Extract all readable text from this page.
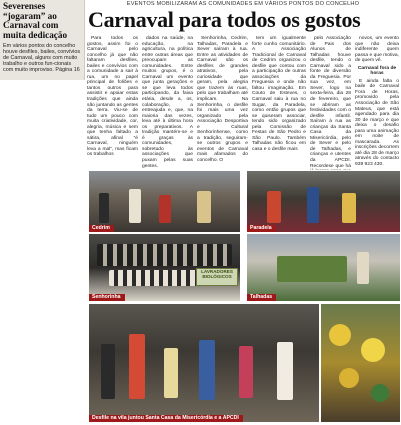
Severenses “jogaram” ao Carnaval com muita dedicação
Em vários pontos do concelho houve desfiles, bailes, convívios de Carnaval, alguns com muito trabalho e outros fun-cionais com muito improviso. Página 16
EVENTOS MOBILIZARAM AS COMUNIDADES EM VÁRIOS PONTOS DO CONCELHO
Carnaval para todos os gostos

Para todos os gostos, assim foi o Carnaval pelo concelho já que não faltaram desfiles, bailes e convívios com a comunidade a sair à rua, um no papel principal de foliões e tantos outros para assistir e apoiar estas tradições que ainda são juntando as gentes da terra. Viu-se de tudo um pouco com muita criatividade, cor, alegria, música e sem que tenha faltado a sátira, afinal “é Carnaval, ninguém leva a mal”, mas ficam os trabalhos

dados na saúde, na educação, na agricultura, na política entre outras áreas que preocupam as comunidades. Entre muitos grupos, é o Carnaval um evento que junta gerações e se que leva todos participando, da faixa etária, desde a, os, colaboração, a entreajuda e, que, na maioria das vezes, leva até à última hora os preparativos. A tradição mantém-se e é graças às comunidades, sobretudo às associações que puxam pelas suas gentes.

Senhorinha, Cedrim, Talhadas, Paradela e Sever saíram à rua. Entre as atividades de Carnaval são os desfiles de grandes atrativos, pela curiosidade que geram, pela alegria que trazem às ruas, pelo que trabalham até implicam. Na Senhorinha, o desfile foi mais uma vez organizado pela Associação Desportiva e Cultural Senhorinhense, como a tradição, seguiram-se outros grupos e eventos de Carnaval mais afamados do concelho. O

tem um igualmente forte cunho comunitário. A Associação Tradicional de Carnaval de Cedrim organizou o desfile que contou com a participação de outras associações da Freguesia e onde não faltou imaginação. Em Couto de Esteves, o Carnaval saiu à rua no Sugar, da Paradela, como então grupos que se quiseram associar, tendo sido organizado pela Comissão de Festas de São Pedro e São Paulo. Também Talhadas não ficou em casa e o desfile mais

pelo Associação de Pais dos Alunos de Talhadas houve desfile, tendo o Carnaval sido a fonte de diversão da Freguesia. Por sua vez, em Sever, logo na sexta-feira, dia 28 de fevereiro, que se abriram as festividades com o desfile infantil. Saíram à rua as crianças da Santa Casa da Misericórdia, pelo de Sever e pelo de Talhadas, e crianças e utentes da APCDI. Recordese que há

novos, um evento que não deixa indiferente quem passa e que motiva, de quem vê.

Carnaval fora de horas

E ainda falta o baile de Carnaval Fora de Horas, promovido pela Associação de São Mateus, que está agendado para dia 30 de março e que deixa o desafio para uma animação em noite de mascarada. As inscrições decorrem até dia 28 de março através do contacto 939 923 430.

Cedrim	Paradela
Senhorinha	Talhadas
LAVRADORES BIOLÓGICOS
Desfile na vila juntou Santa Casa da Misericórdia e a APCDI
